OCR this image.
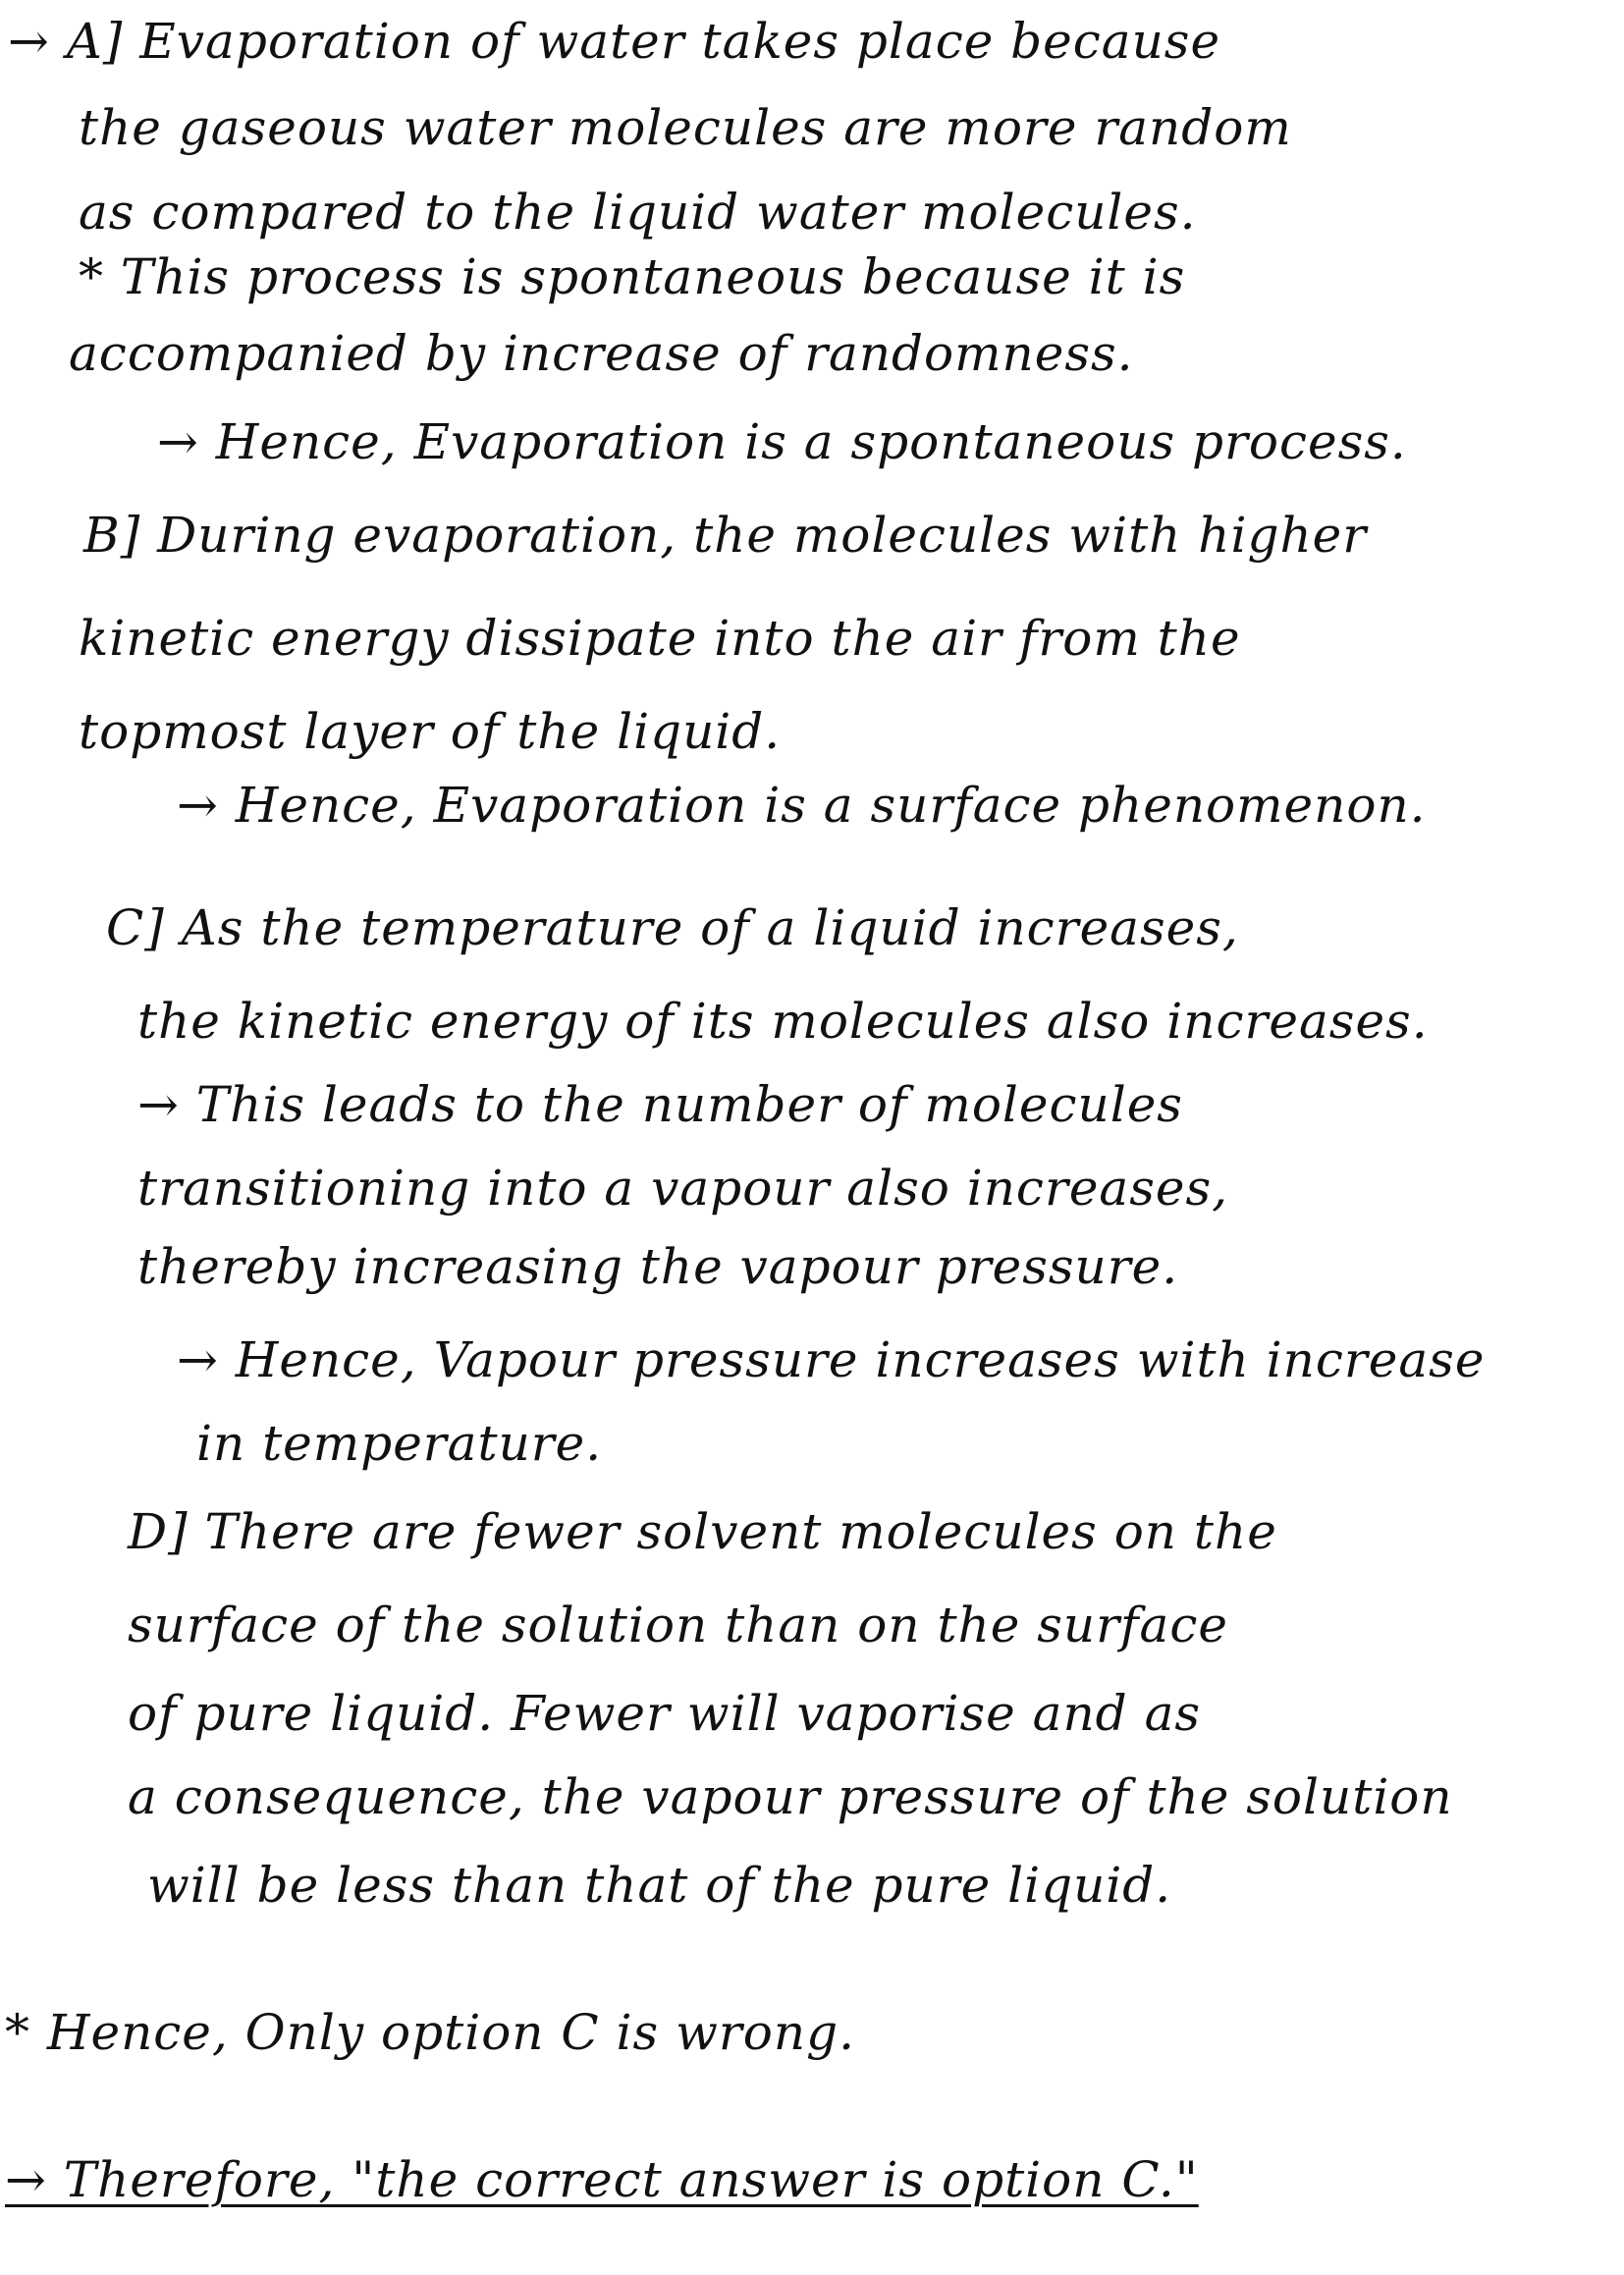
→ A] Evaporation of water takes place because
the gaseous water molecules are more random
as compared to the liquid water molecules.
* This process is spontaneous because it is
accompanied by increase of randomness.
→ Hence, Evaporation is a spontaneous process.
B] During evaporation, the molecules with higher
kinetic energy dissipate into the air from the
topmost layer of the liquid.
→ Hence, Evaporation is a surface phenomenon.
C] As the temperature of a liquid increases,
the kinetic energy of its molecules also increases.
→ This leads to the number of molecules
transitioning into a vapour also increases,
thereby increasing the vapour pressure.
→ Hence, Vapour pressure increases with increase
in temperature.
D] There are fewer solvent molecules on the
surface of the solution than on the surface
of pure liquid. Fewer will vaporise and as
a consequence, the vapour pressure of the solution
will be less than that of the pure liquid.
* Hence, Only option C is wrong.
→ Therefore, "the correct answer is option C."
